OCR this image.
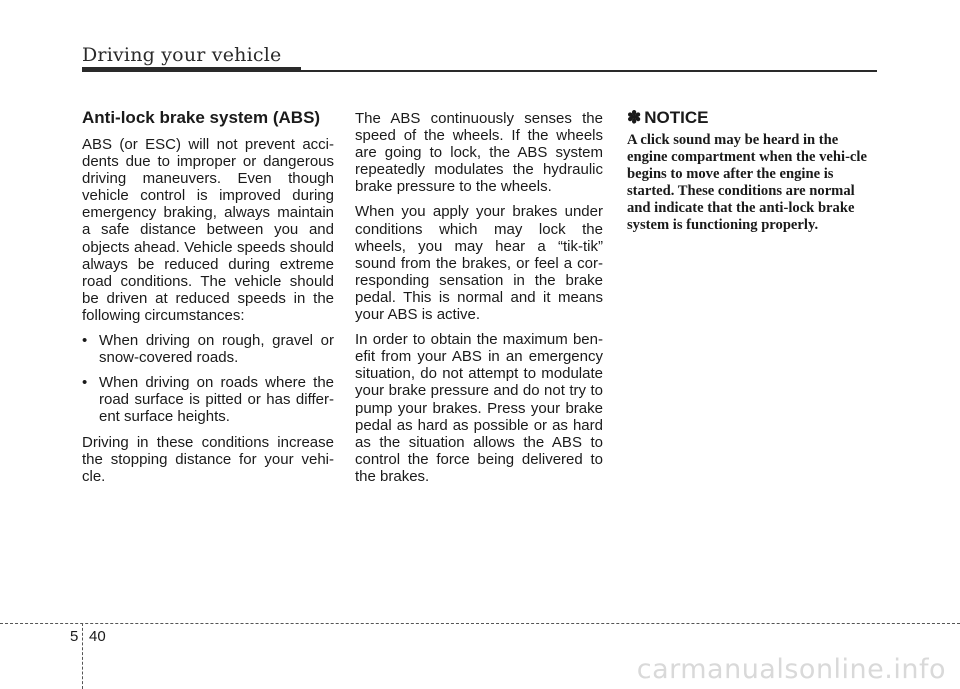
Driving your vehicle
Anti-lock brake system (ABS)

ABS (or ESC) will not prevent acci-dents due to improper or dangerous driving maneuvers. Even though vehicle control is improved during emergency braking, always maintain a safe distance between you and objects ahead. Vehicle speeds should always be reduced during extreme road conditions. The vehicle should be driven at reduced speeds in the following circumstances:

• When driving on rough, gravel or snow-covered roads.
• When driving on roads where the road surface is pitted or has differ-ent surface heights.

Driving in these conditions increase the stopping distance for your vehi-cle.

The ABS continuously senses the speed of the wheels. If the wheels are going to lock, the ABS system repeatedly modulates the hydraulic brake pressure to the wheels.

When you apply your brakes under conditions which may lock the wheels, you may hear a “tik-tik” sound from the brakes, or feel a cor-responding sensation in the brake pedal. This is normal and it means your ABS is active.

In order to obtain the maximum ben-efit from your ABS in an emergency situation, do not attempt to modulate your brake pressure and do not try to pump your brakes. Press your brake pedal as hard as possible or as hard as the situation allows the ABS to control the force being delivered to the brakes.

✽ NOTICE

A click sound may be heard in the engine compartment when the vehi-cle begins to move after the engine is started. These conditions are normal and indicate that the anti-lock brake system is functioning properly.

5 40
carmanualsonline.info
